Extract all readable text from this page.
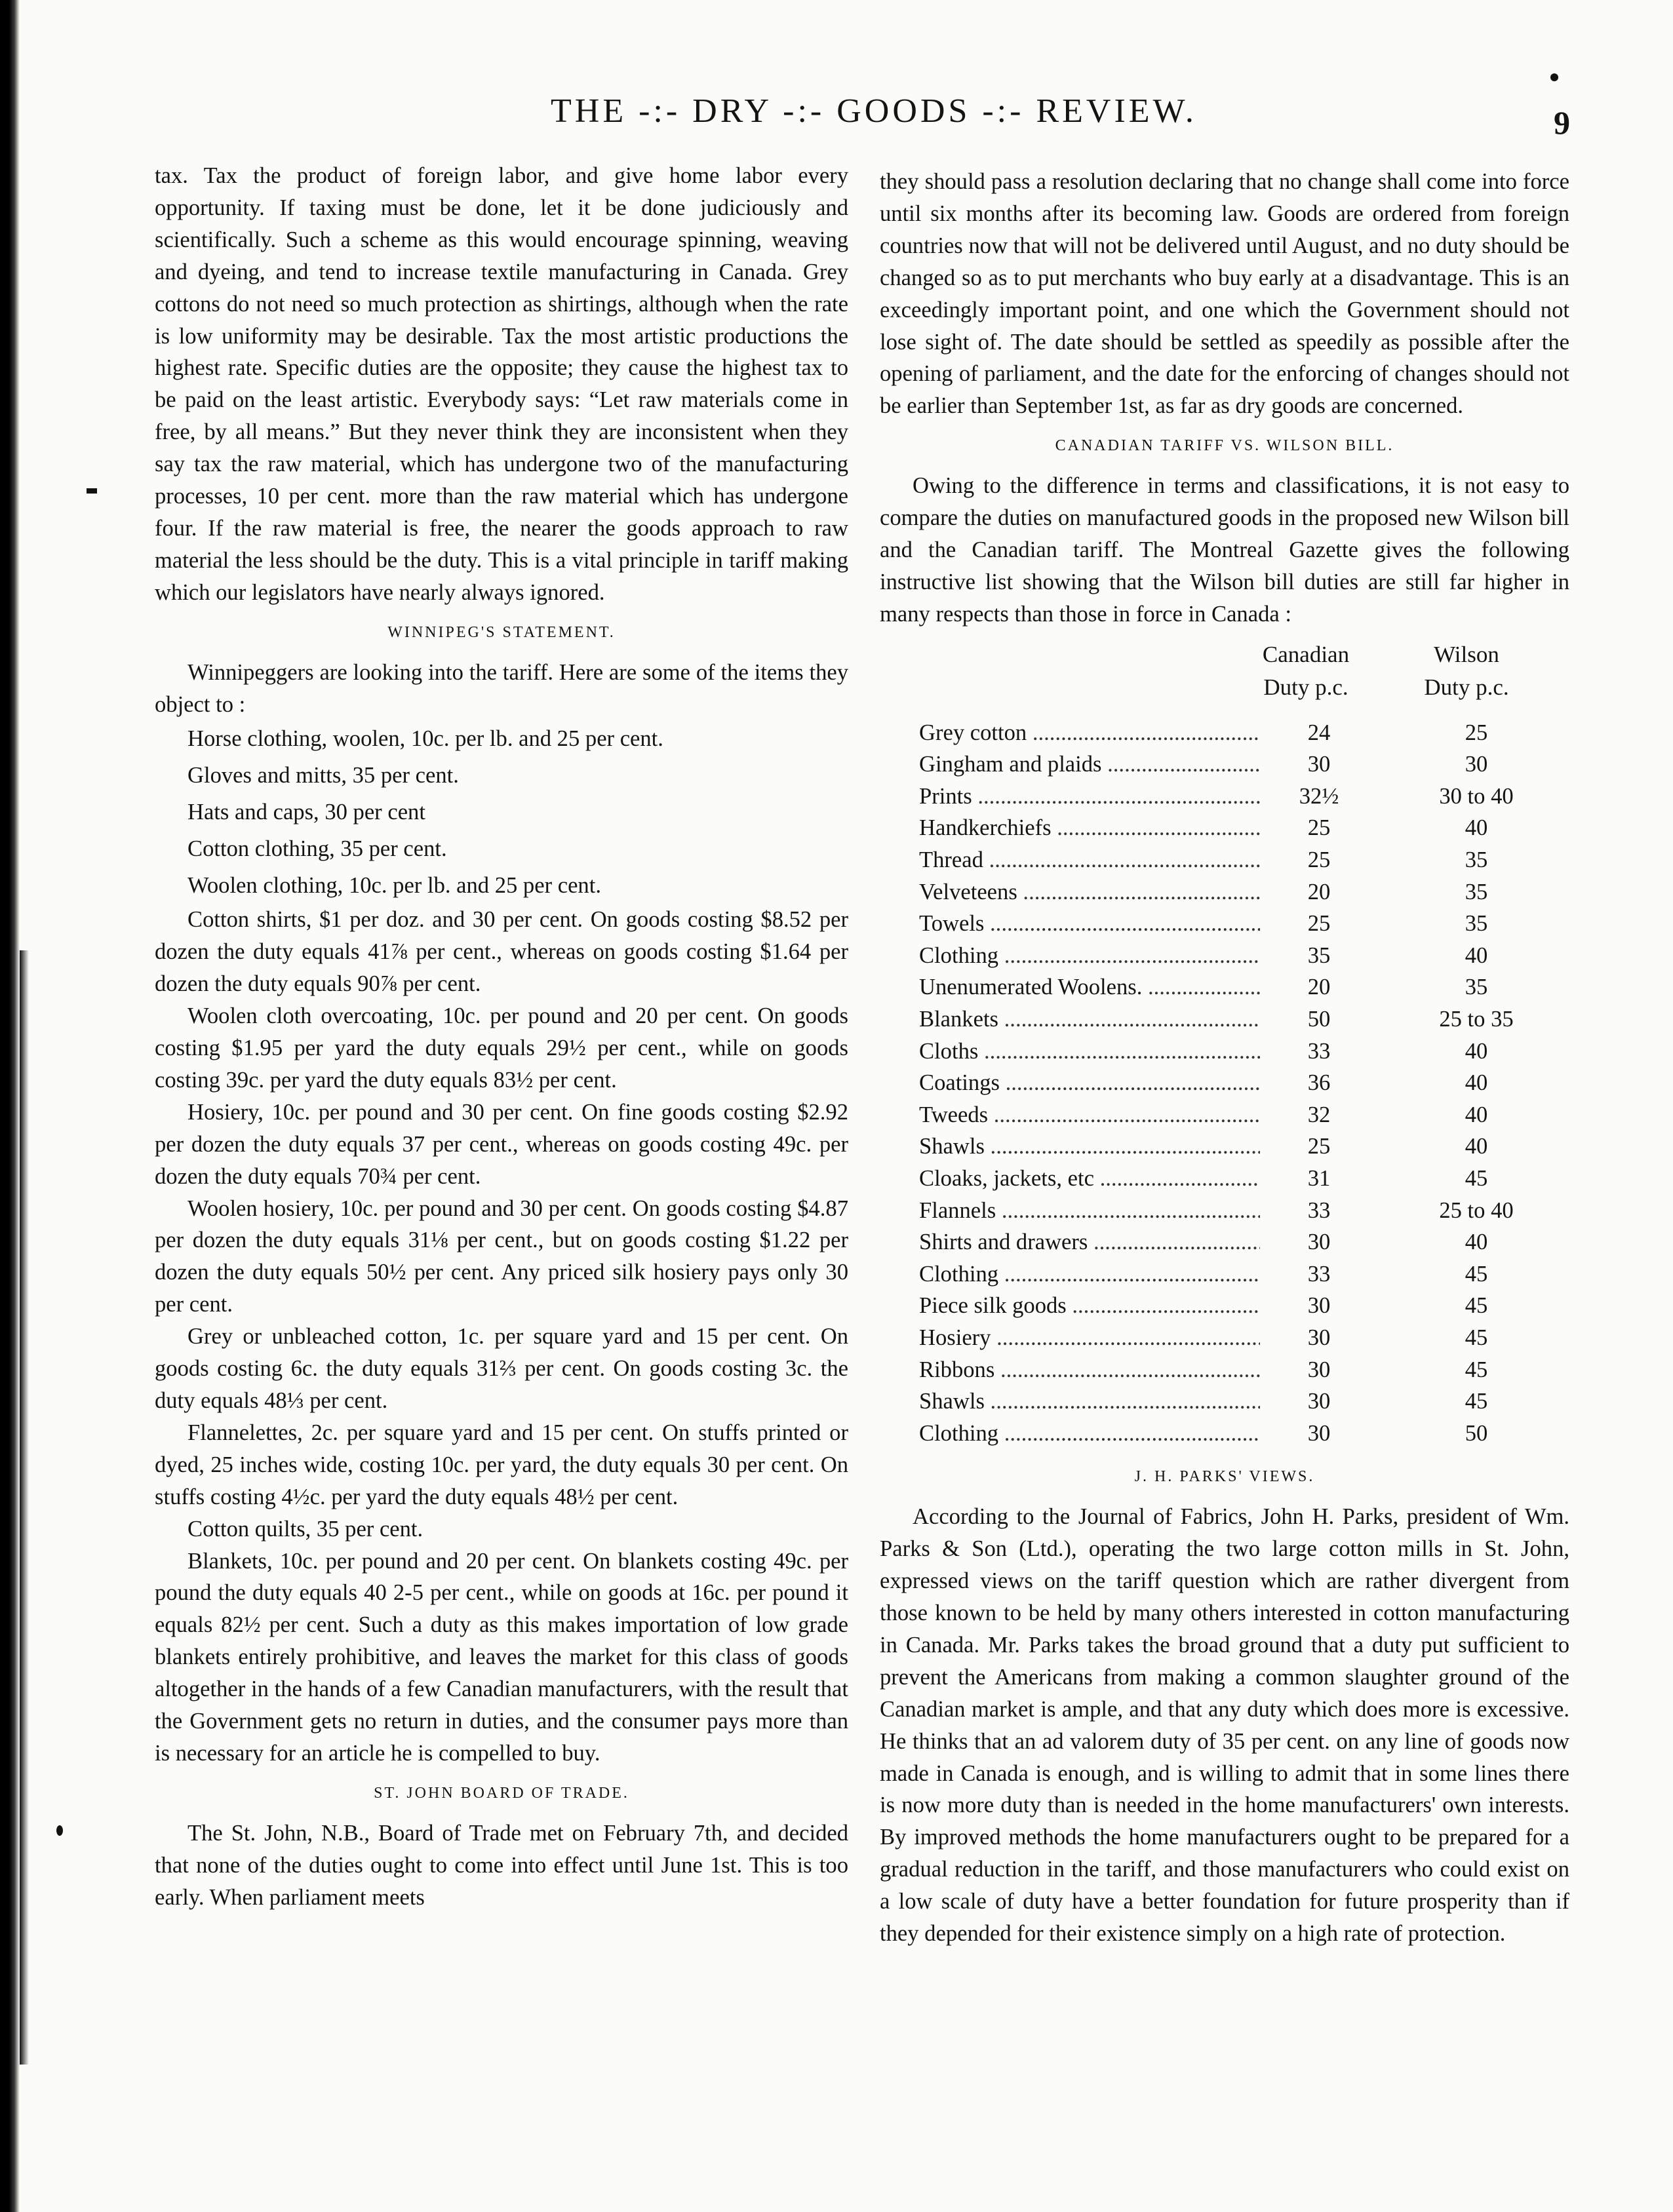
THE -:- DRY -:- GOODS -:- REVIEW.	9

tax. Tax the product of foreign labor, and give home labor every opportunity. If taxing must be done, let it be done judiciously and scientifically. Such a scheme as this would encourage spinning, weaving and dyeing, and tend to increase textile manufacturing in Canada. Grey cottons do not need so much protection as shirtings, although when the rate is low uniformity may be desirable. Tax the most artistic productions the highest rate. Specific duties are the opposite; they cause the highest tax to be paid on the least artistic. Everybody says: “Let raw materials come in free, by all means.” But they never think they are inconsistent when they say tax the raw material, which has undergone two of the manufacturing processes, 10 per cent. more than the raw material which has undergone four. If the raw material is free, the nearer the goods approach to raw material the less should be the duty. This is a vital principle in tariff making which our legislators have nearly always ignored.

WINNIPEG'S STATEMENT.

Winnipeggers are looking into the tariff. Here are some of the items they object to :

Horse clothing, woolen, 10c. per lb. and 25 per cent.
Gloves and mitts, 35 per cent.
Hats and caps, 30 per cent
Cotton clothing, 35 per cent.
Woolen clothing, 10c. per lb. and 25 per cent.

Cotton shirts, $1 per doz. and 30 per cent. On goods costing $8.52 per dozen the duty equals 41⅞ per cent., whereas on goods costing $1.64 per dozen the duty equals 90⅞ per cent.

Woolen cloth overcoating, 10c. per pound and 20 per cent. On goods costing $1.95 per yard the duty equals 29½ per cent., while on goods costing 39c. per yard the duty equals 83½ per cent.

Hosiery, 10c. per pound and 30 per cent. On fine goods costing $2.92 per dozen the duty equals 37 per cent., whereas on goods costing 49c. per dozen the duty equals 70¾ per cent.

Woolen hosiery, 10c. per pound and 30 per cent. On goods costing $4.87 per dozen the duty equals 31⅛ per cent., but on goods costing $1.22 per dozen the duty equals 50½ per cent. Any priced silk hosiery pays only 30 per cent.

Grey or unbleached cotton, 1c. per square yard and 15 per cent. On goods costing 6c. the duty equals 31⅔ per cent. On goods costing 3c. the duty equals 48⅓ per cent.

Flannelettes, 2c. per square yard and 15 per cent. On stuffs printed or dyed, 25 inches wide, costing 10c. per yard, the duty equals 30 per cent. On stuffs costing 4½c. per yard the duty equals 48½ per cent.

Cotton quilts, 35 per cent.

Blankets, 10c. per pound and 20 per cent. On blankets costing 49c. per pound the duty equals 40 2-5 per cent., while on goods at 16c. per pound it equals 82½ per cent. Such a duty as this makes importation of low grade blankets entirely prohibitive, and leaves the market for this class of goods altogether in the hands of a few Canadian manufacturers, with the result that the Government gets no return in duties, and the consumer pays more than is necessary for an article he is compelled to buy.

ST. JOHN BOARD OF TRADE.

The St. John, N.B., Board of Trade met on February 7th, and decided that none of the duties ought to come into effect until June 1st. This is too early. When parliament meets

they should pass a resolution declaring that no change shall come into force until six months after its becoming law. Goods are ordered from foreign countries now that will not be delivered until August, and no duty should be changed so as to put merchants who buy early at a disadvantage. This is an exceedingly important point, and one which the Government should not lose sight of. The date should be settled as speedily as possible after the opening of parliament, and the date for the enforcing of changes should not be earlier than September 1st, as far as dry goods are concerned.

CANADIAN TARIFF VS. WILSON BILL.

Owing to the difference in terms and classifications, it is not easy to compare the duties on manufactured goods in the proposed new Wilson bill and the Canadian tariff. The Montreal Gazette gives the following instructive list showing that the Wilson bill duties are still far higher in many respects than those in force in Canada :

Canadian
Duty p.c.
Wilson
Duty p.c.
Grey cotton .....	24	25
Gingham and plaids .....	30	30
Prints .....	32½	30 to 40
Handkerchiefs .....	25	40
Thread .....	25	35
Velveteens .....	20	35
Towels .....	25	35
Clothing .....	35	40
Unenumerated Woolens. .....	20	35
Blankets .....	50	25 to 35
Cloths .....	33	40
Coatings .....	36	40
Tweeds .....	32	40
Shawls .....	25	40
Cloaks, jackets, etc .....	31	45
Flannels .....	33	25 to 40
Shirts and drawers .....	30	40
Clothing .....	33	45
Piece silk goods .....	30	45
Hosiery .....	30	45
Ribbons .....	30	45
Shawls .....	30	45
Clothing .....	30	50
J. H. PARKS' VIEWS.

According to the Journal of Fabrics, John H. Parks, president of Wm. Parks & Son (Ltd.), operating the two large cotton mills in St. John, expressed views on the tariff question which are rather divergent from those known to be held by many others interested in cotton manufacturing in Canada. Mr. Parks takes the broad ground that a duty put sufficient to prevent the Americans from making a common slaughter ground of the Canadian market is ample, and that any duty which does more is excessive. He thinks that an ad valorem duty of 35 per cent. on any line of goods now made in Canada is enough, and is willing to admit that in some lines there is now more duty than is needed in the home manufacturers' own interests. By improved methods the home manufacturers ought to be prepared for a gradual reduction in the tariff, and those manufacturers who could exist on a low scale of duty have a better foundation for future prosperity than if they depended for their existence simply on a high rate of protection.
